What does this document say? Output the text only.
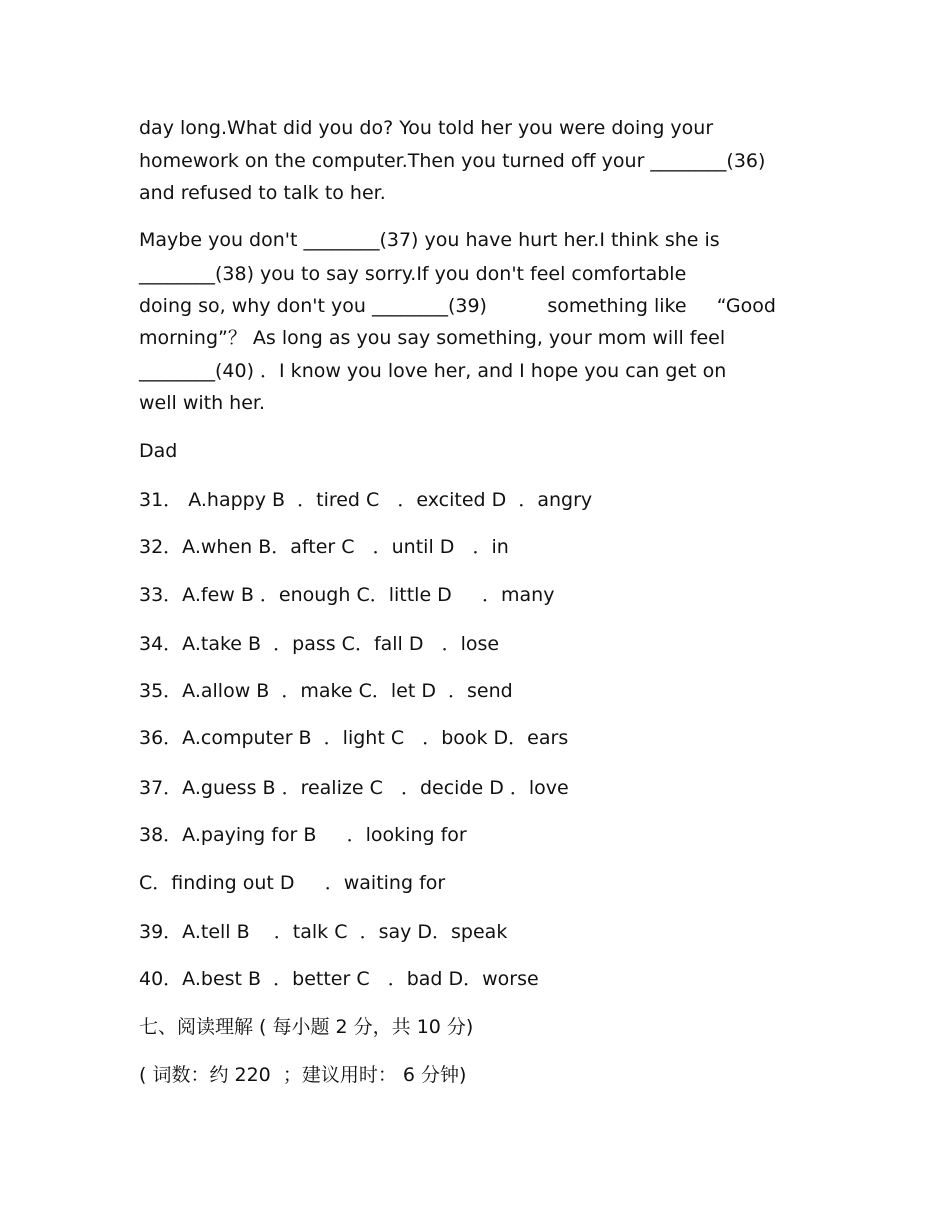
day long.What did you do? You told her you were doing your

homework on the computer.Then you turned off your ________(36)

and refused to talk to her.

Maybe you don't ________(37) you have hurt her.I think she is

________(38) you to say sorry.If you don't feel comfortable

doing so, why don't you ________(39)          something like     “Good

morning”？ As long as you say something, your mom will feel

________(40) ．I know you love her, and I hope you can get on

well with her.

Dad

31． A.happy B  ．tired C   ．excited D  ．angry

32．A.when B．after C   ．until D   ．in

33．A.few B ．enough C．little D     ．many

34．A.take B  ．pass C．fall D   ．lose

35．A.allow B  ．make C．let D  ．send

36．A.computer B  ．light C   ．book D．ears

37．A.guess B ．realize C   ．decide D ．love

38．A.paying for B     ．looking for

C．finding out D     ．waiting for

39．A.tell B    ．talk C  ．say D．speak

40．A.best B  ．better C   ．bad D．worse

七、阅读理解 ( 每小题 2 分，共 10 分)

( 词数：约 220  ；建议用时： 6 分钟)
